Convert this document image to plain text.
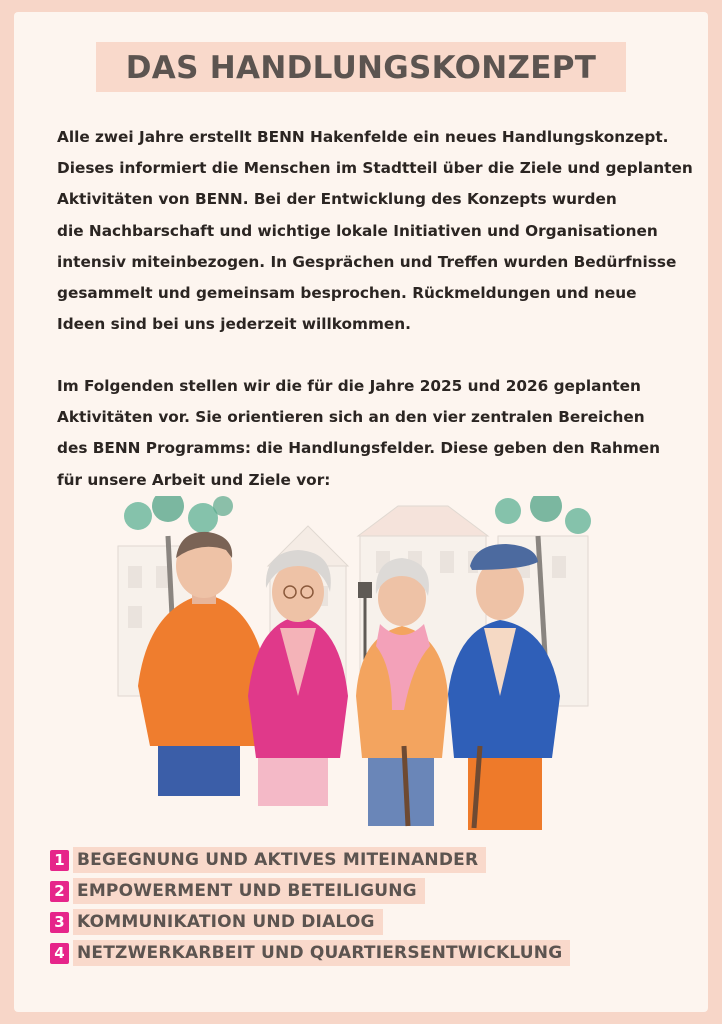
DAS HANDLUNGSKONZEPT

Alle zwei Jahre erstellt BENN Hakenfelde ein neues Handlungskonzept.
Dieses informiert die Menschen im Stadtteil über die Ziele und geplanten
Aktivitäten von BENN. Bei der Entwicklung des Konzepts wurden
die Nachbarschaft und wichtige lokale Initiativen und Organisationen
intensiv miteinbezogen. In Gesprächen und Treffen wurden Bedürfnisse
gesammelt und gemeinsam besprochen. Rückmeldungen und neue
Ideen sind bei uns jederzeit willkommen.

Im Folgenden stellen wir die für die Jahre 2025 und 2026 geplanten
Aktivitäten vor. Sie orientieren sich an den vier zentralen Bereichen
des BENN Programms: die Handlungsfelder. Diese geben den Rahmen
für unsere Arbeit und Ziele vor:

1 BEGEGNUNG UND AKTIVES MITEINANDER
2 EMPOWERMENT UND BETEILIGUNG
3 KOMMUNIKATION UND DIALOG
4 NETZWERKARBEIT UND QUARTIERSENTWICKLUNG
